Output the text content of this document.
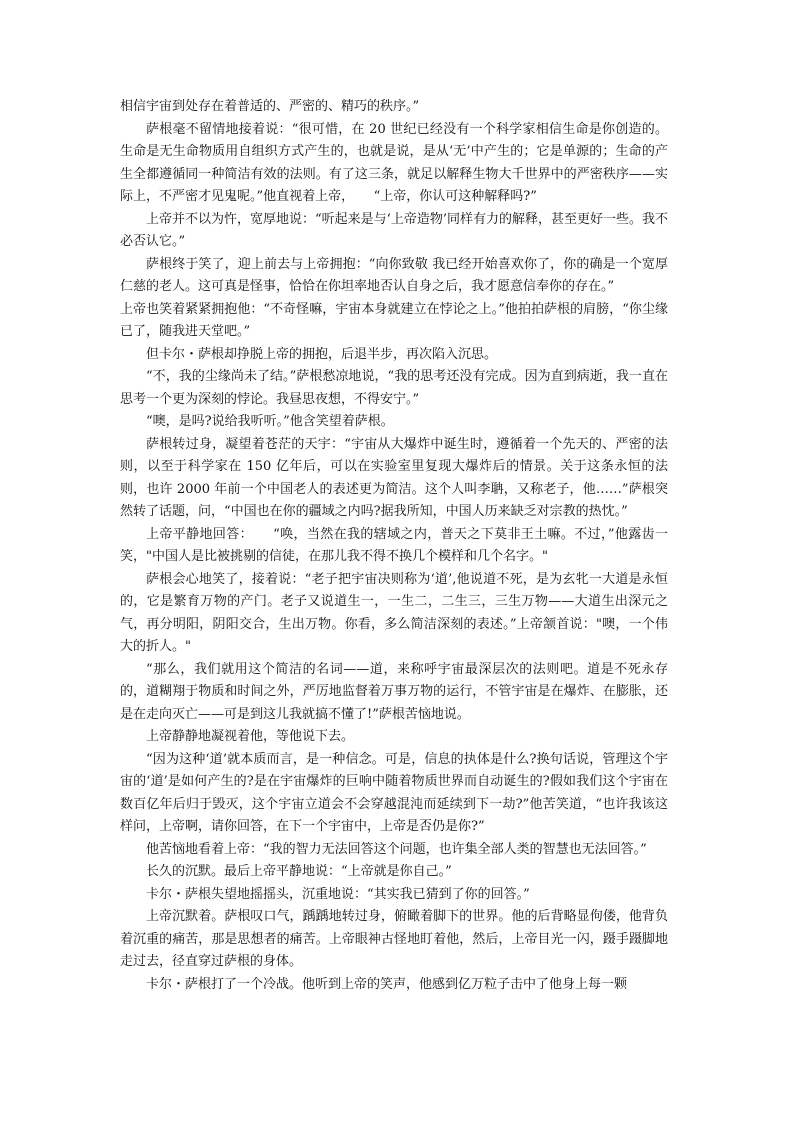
相信宇宙到处存在着普适的、严密的、精巧的秩序。”

萨根毫不留情地接着说：“很可惜，在 20 世纪已经没有一个科学家相信生命是你创造的。生命是无生命物质用自组织方式产生的，也就是说，是从‘无’中产生的；它是单源的；生命的产生全都遵循同一种简洁有效的法则。有了这三条，就足以解释生物大千世界中的严密秩序——实际上，不严密才见鬼呢。”他直视着上帝，　　“上帝，你认可这种解释吗?”

上帝并不以为忤，宽厚地说：“听起来是与‘上帝造物’同样有力的解释，甚至更好一些。我不必否认它。”

萨根终于笑了，迎上前去与上帝拥抱：“向你致敬 我已经开始喜欢你了，你的确是一个宽厚仁慈的老人。这可真是怪事，恰恰在你坦率地否认自身之后，我才愿意信奉你的存在。”

上帝也笑着紧紧拥抱他：“不奇怪嘛，宇宙本身就建立在悖论之上。”他拍拍萨根的肩膀，“你尘缘已了，随我进天堂吧。”

但卡尔・萨根却挣脱上帝的拥抱，后退半步，再次陷入沉思。

“不，我的尘缘尚未了结。”萨根愁凉地说，“我的思考还没有完成。因为直到病逝，我一直在思考一个更为深刻的悖论。我昼思夜想，不得安宁。”

“噢，是吗?说给我听听。”他含笑望着萨根。

萨根转过身，凝望着苍茫的天宇：“宇宙从大爆炸中诞生时，遵循着一个先天的、严密的法则，以至于科学家在 150 亿年后，可以在实验室里复现大爆炸后的情景。关于这条永恒的法则，也许 2000 年前一个中国老人的表述更为简洁。这个人叫李聃，又称老子，他……”萨根突然转了话题，问，“中国也在你的疆域之内吗?据我所知，中国人历来缺乏对宗教的热忱。”

上帝平静地回答：　　“唤，当然在我的辖域之内，普天之下莫非王土嘛。不过，”他露齿一笑，"中国人是比被挑剔的信徒，在那儿我不得不换几个模样和几个名字。"

萨根会心地笑了，接着说：“老子把宇宙决则称为‘道’,他说道不死，是为玄牝一大道是永恒的，它是繁育万物的产门。老子又说道生一，一生二，二生三，三生万物——大道生出深元之气，再分明阳，阴阳交合，生出万物。你看，多么简洁深刻的表述。”上帝颔首说："噢，一个伟大的折人。"

“那么，我们就用这个简洁的名词——道，来称呼宇宙最深层次的法则吧。道是不死永存的，道糊翔于物质和时间之外，严厉地监督着万事万物的运行，不管宇宙是在爆炸、在膨胀，还是在走向灭亡——可是到这儿我就搞不懂了!”萨根苦恼地说。

上帝静静地凝视着他，等他说下去。

“因为这种‘道’就本质而言，是一种信念。可是，信息的执体是什么?换句话说，管理这个宇宙的‘道’是如何产生的?是在宇宙爆炸的巨响中随着物质世界而自动诞生的?假如我们这个宇宙在数百亿年后归于毁灭，这个宇宙立道会不会穿越混沌而延续到下一劫?”他苦笑道，“也许我该这样问，上帝啊，请你回答，在下一个宇宙中，上帝是否仍是你?”

他苦恼地看着上帝：“我的智力无法回答这个问题，也许集全部人类的智慧也无法回答。”

长久的沉默。最后上帝平静地说：“上帝就是你自己。”

卡尔・萨根失望地摇摇头，沉重地说：“其实我已猜到了你的回答。”

上帝沉默着。萨根叹口气，踽踽地转过身，俯瞰着脚下的世界。他的后背略显佝偻，他背负着沉重的痛苦，那是思想者的痛苦。上帝眼神古怪地盯着他，然后，上帝目光一闪，蹑手蹑脚地走过去，径直穿过萨根的身体。

卡尔・萨根打了一个冷战。他听到上帝的笑声，他感到亿万粒子击中了他身上每一颗
